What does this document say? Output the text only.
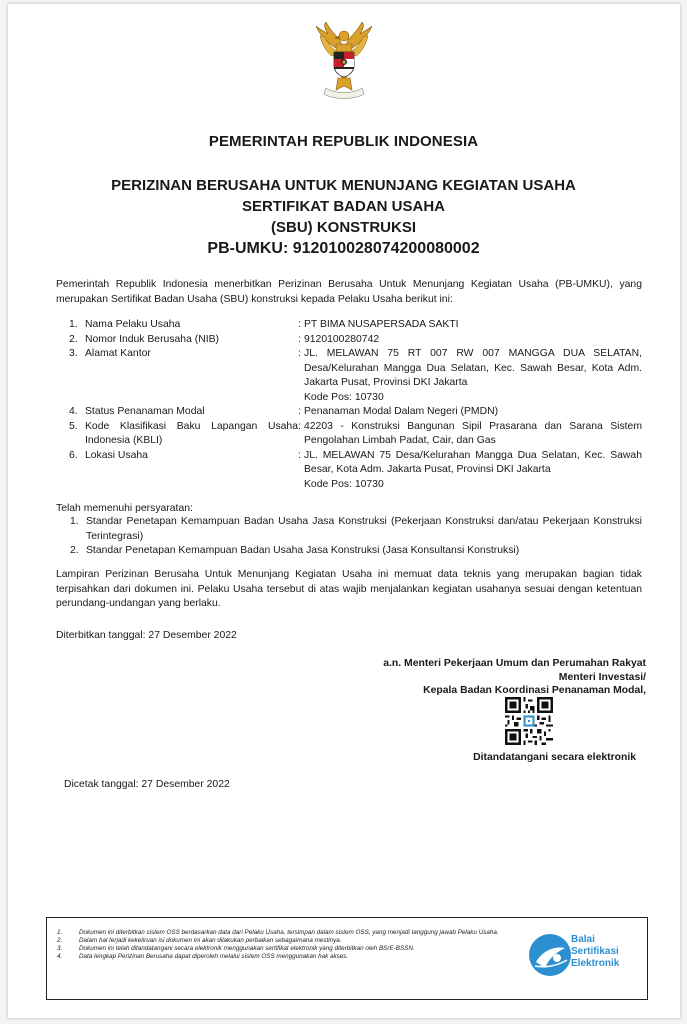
PEMERINTAH REPUBLIK INDONESIA
PERIZINAN BERUSAHA UNTUK MENUNJANG KEGIATAN USAHA
SERTIFIKAT BADAN USAHA
(SBU) KONSTRUKSI
PB-UMKU: 912010028074200080002
Pemerintah Republik Indonesia menerbitkan Perizinan Berusaha Untuk Menunjang Kegiatan Usaha (PB-UMKU), yang merupakan Sertifikat Badan Usaha (SBU) konstruksi kepada Pelaku Usaha berikut ini:
1. Nama Pelaku Usaha	: PT BIMA NUSAPERSADA SAKTI
2. Nomor Induk Berusaha (NIB)	: 9120100280742
3. Alamat Kantor	: JL. MELAWAN 75 RT 007 RW 007 MANGGA DUA SELATAN, Desa/Kelurahan Mangga Dua Selatan, Kec. Sawah Besar, Kota Adm. Jakarta Pusat, Provinsi DKI Jakarta
Kode Pos: 10730
4. Status Penanaman Modal	: Penanaman Modal Dalam Negeri (PMDN)
5. Kode Klasifikasi Baku Lapangan Usaha Indonesia (KBLI)
: 42203 - Konstruksi Bangunan Sipil Prasarana dan Sarana Sistem Pengolahan Limbah Padat, Cair, dan Gas
6. Lokasi Usaha	: JL. MELAWAN 75 Desa/Kelurahan Mangga Dua Selatan, Kec. Sawah Besar, Kota Adm. Jakarta Pusat, Provinsi DKI Jakarta
Kode Pos: 10730
Telah memenuhi persyaratan:
1. Standar Penetapan Kemampuan Badan Usaha Jasa Konstruksi (Pekerjaan Konstruksi dan/atau Pekerjaan Konstruksi Terintegrasi)
2. Standar Penetapan Kemampuan Badan Usaha Jasa Konstruksi (Jasa Konsultansi Konstruksi)
Lampiran Perizinan Berusaha Untuk Menunjang Kegiatan Usaha ini memuat data teknis yang merupakan bagian tidak terpisahkan dari dokumen ini. Pelaku Usaha tersebut di atas wajib menjalankan kegiatan usahanya sesuai dengan ketentuan perundang-undangan yang berlaku.
Diterbitkan tanggal: 27 Desember 2022
a.n. Menteri Pekerjaan Umum dan Perumahan Rakyat
Menteri Investasi/
Kepala Badan Koordinasi Penanaman Modal,
Ditandatangani secara elektronik
Dicetak tanggal: 27 Desember 2022
1.	Dokumen ini diterbitkan sistem OSS berdasarkan data dari Pelaku Usaha, tersimpan dalam sistem OSS, yang menjadi tanggung jawab Pelaku Usaha.
2.	Dalam hal terjadi kekeliruan isi dokumen ini akan dilakukan perbaikan sebagaimana mestinya.
3.	Dokumen ini telah ditandatangani secara elektronik menggunakan sertifikat elektronik yang diterbitkan oleh BSrE-BSSN.
4.	Data lengkap Perizinan Berusaha dapat diperoleh melalui sistem OSS menggunakan hak akses.
Balai
Sertifikasi
Elektronik
